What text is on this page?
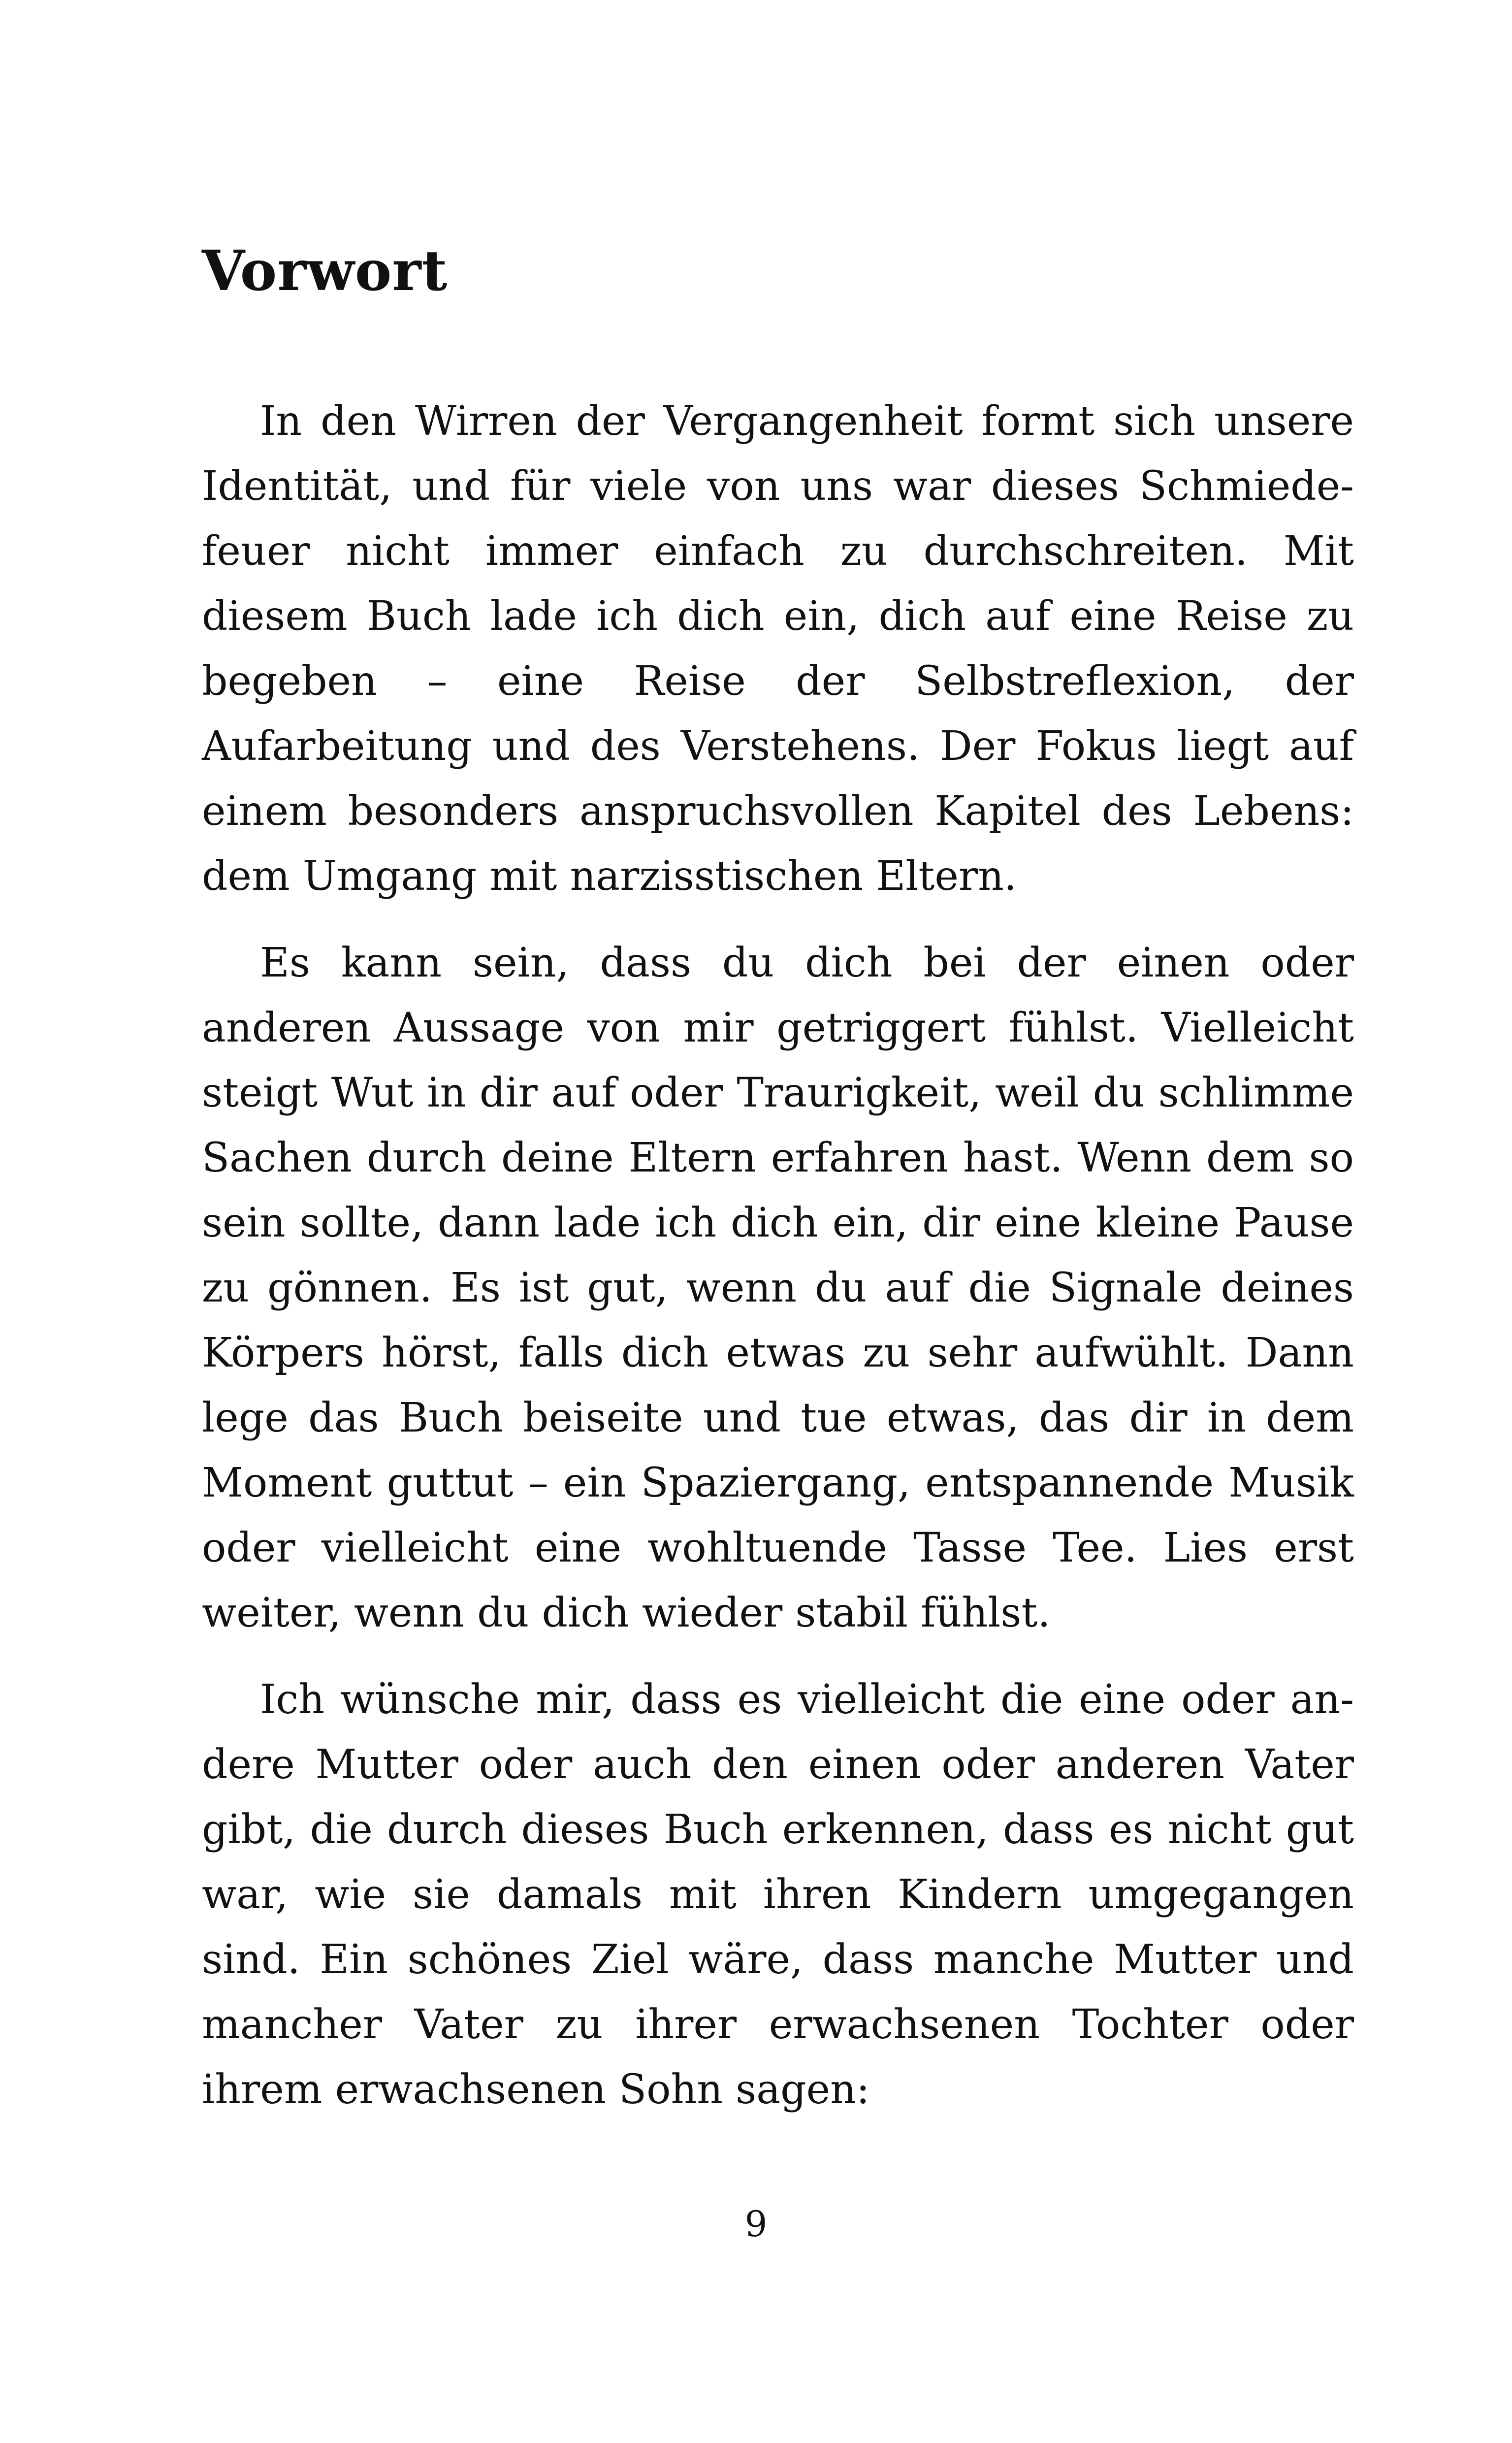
Vorwort

In den Wirren der Vergangenheit formt sich unsere Identität, und für viele von uns war dieses Schmiedefeuer nicht immer einfach zu durchschreiten. Mit diesem Buch lade ich dich ein, dich auf eine Reise zu begeben – eine Reise der Selbstreflexion, der Aufarbeitung und des Verstehens. Der Fokus liegt auf einem besonders anspruchsvollen Kapitel des Lebens: dem Umgang mit narzisstischen Eltern.

Es kann sein, dass du dich bei der einen oder anderen Aussage von mir getriggert fühlst. Vielleicht steigt Wut in dir auf oder Traurigkeit, weil du schlimme Sachen durch deine Eltern erfahren hast. Wenn dem so sein sollte, dann lade ich dich ein, dir eine kleine Pause zu gönnen. Es ist gut, wenn du auf die Signale deines Körpers hörst, falls dich etwas zu sehr aufwühlt. Dann lege das Buch beiseite und tue etwas, das dir in dem Moment guttut – ein Spaziergang, entspannende Musik oder vielleicht eine wohltuende Tasse Tee. Lies erst weiter, wenn du dich wieder stabil fühlst.

Ich wünsche mir, dass es vielleicht die eine oder andere Mutter oder auch den einen oder anderen Vater gibt, die durch dieses Buch erkennen, dass es nicht gut war, wie sie damals mit ihren Kindern umgegangen sind. Ein schönes Ziel wäre, dass manche Mutter und mancher Vater zu ihrer erwachsenen Tochter oder ihrem erwachsenen Sohn sagen:

9
